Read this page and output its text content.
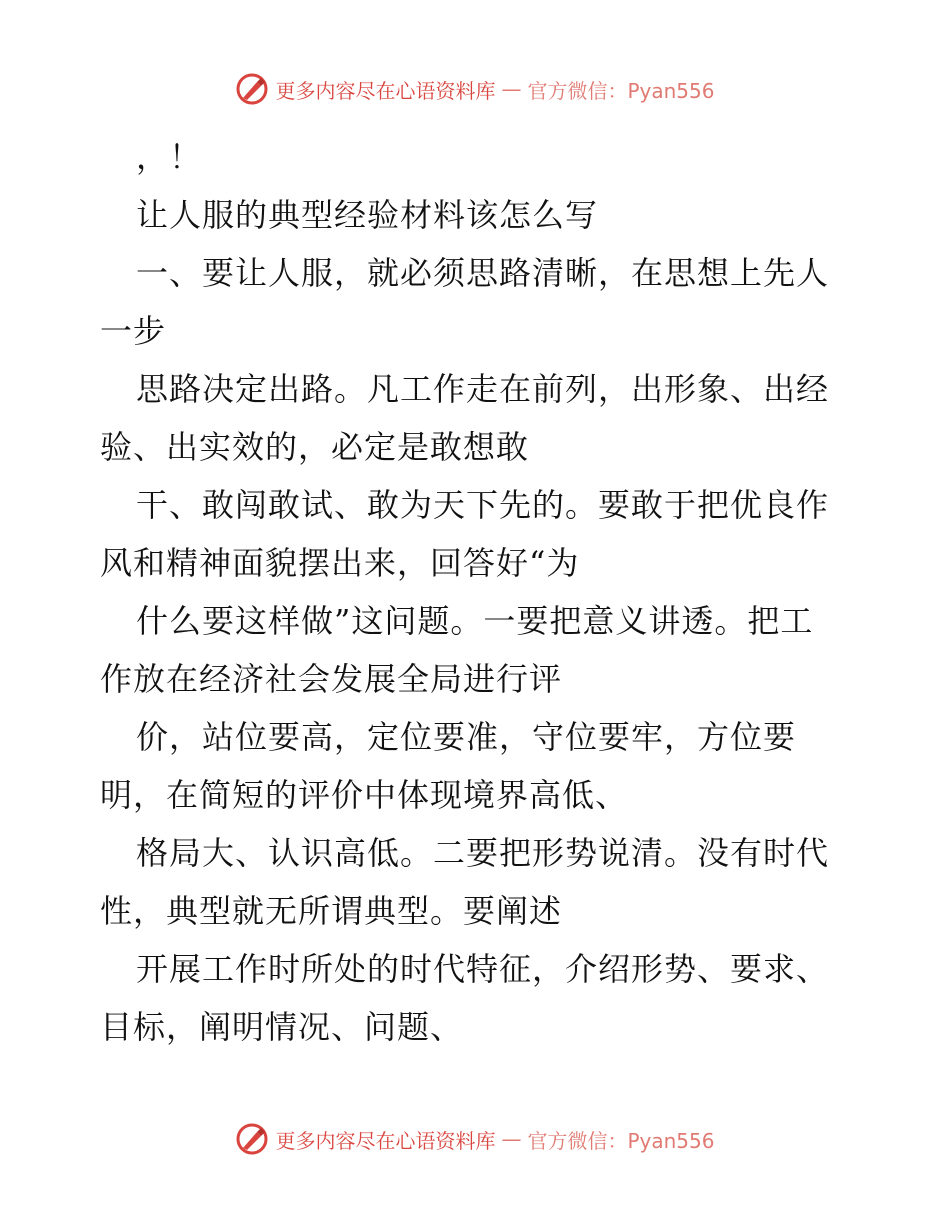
更多内容尽在心语资料库 — 官方微信：Pyan556

，！

让人服的典型经验材料该怎么写

一、要让人服，就必须思路清晰，在思想上先人

一步

思路决定出路。凡工作走在前列，出形象、出经

验、出实效的，必定是敢想敢

干、敢闯敢试、敢为天下先的。要敢于把优良作

风和精神面貌摆出来，回答好“为

什么要这样做”这问题。一要把意义讲透。把工

作放在经济社会发展全局进行评

价，站位要高，定位要准，守位要牢，方位要

明，在简短的评价中体现境界高低、

格局大、认识高低。二要把形势说清。没有时代

性，典型就无所谓典型。要阐述

开展工作时所处的时代特征，介绍形势、要求、

目标，阐明情况、问题、

更多内容尽在心语资料库 — 官方微信：Pyan556
